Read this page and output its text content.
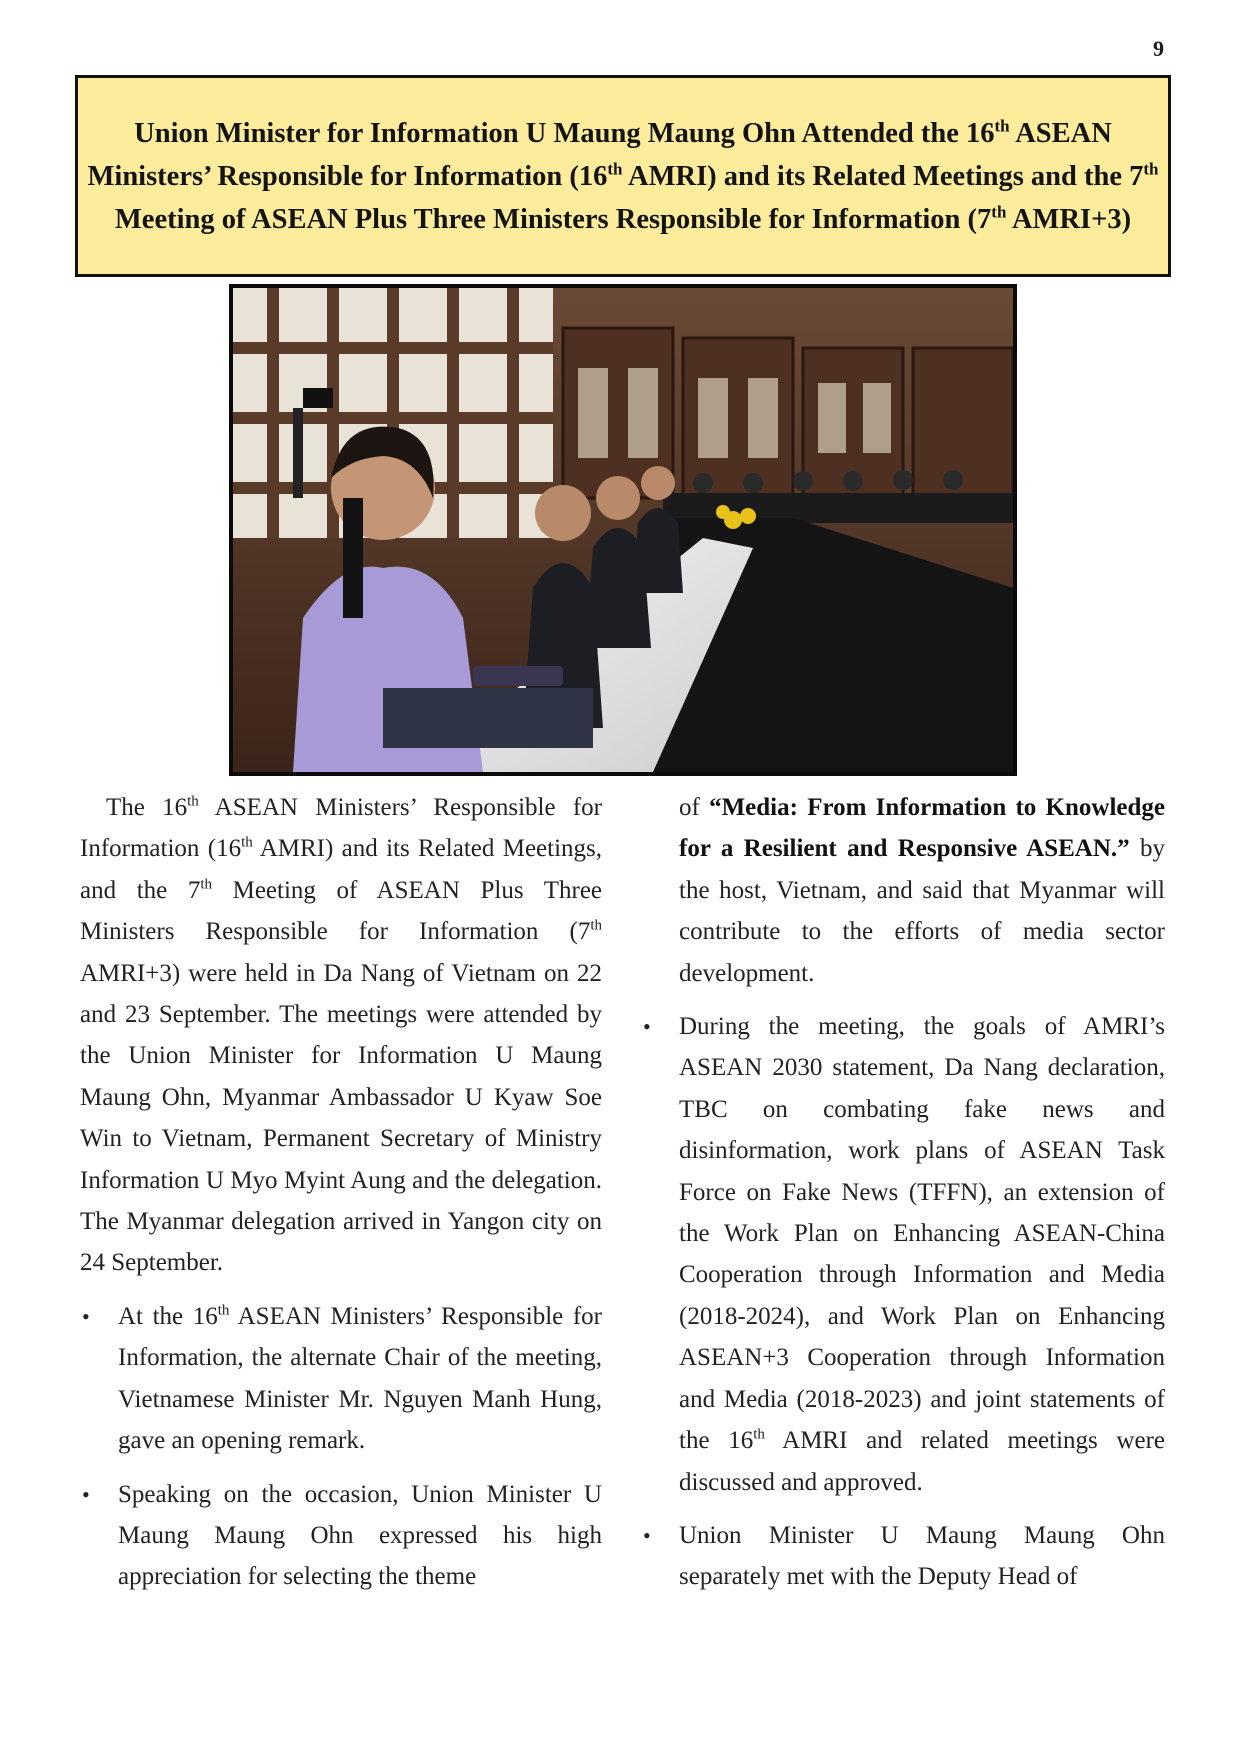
9
Union Minister for Information U Maung Maung Ohn Attended the 16th ASEAN Ministers’ Responsible for Information (16th AMRI) and its Related Meetings and the 7th Meeting of ASEAN Plus Three Ministers Responsible for Information (7th AMRI+3)

The 16th ASEAN Ministers’ Responsible for Information (16th AMRI) and its Related Meetings, and the 7th Meeting of ASEAN Plus Three Ministers Responsible for Information (7th AMRI+3) were held in Da Nang of Vietnam on 22 and 23 September. The meetings were attended by the Union Minister for Information U Maung Maung Ohn, Myanmar Ambassador U Kyaw Soe Win to Vietnam, Permanent Secretary of Ministry Information U Myo Myint Aung and the delegation. The Myanmar delegation arrived in Yangon city on 24 September.

• At the 16th ASEAN Ministers’ Responsible for Information, the alternate Chair of the meeting, Vietnamese Minister Mr. Nguyen Manh Hung, gave an opening remark.

• Speaking on the occasion, Union Minister U Maung Maung Ohn expressed his high appreciation for selecting the theme

of “Media: From Information to Knowledge for a Resilient and Responsive ASEAN.” by the host, Vietnam, and said that Myanmar will contribute to the efforts of media sector development.

• During the meeting, the goals of AMRI’s ASEAN 2030 statement, Da Nang declaration, TBC on combating fake news and disinformation, work plans of ASEAN Task Force on Fake News (TFFN), an extension of the Work Plan on Enhancing ASEAN-China Cooperation through Information and Media (2018-2024), and Work Plan on Enhancing ASEAN+3 Cooperation through Information and Media (2018-2023) and joint statements of the 16th AMRI and related meetings were discussed and approved.

• Union Minister U Maung Maung Ohn separately met with the Deputy Head of
